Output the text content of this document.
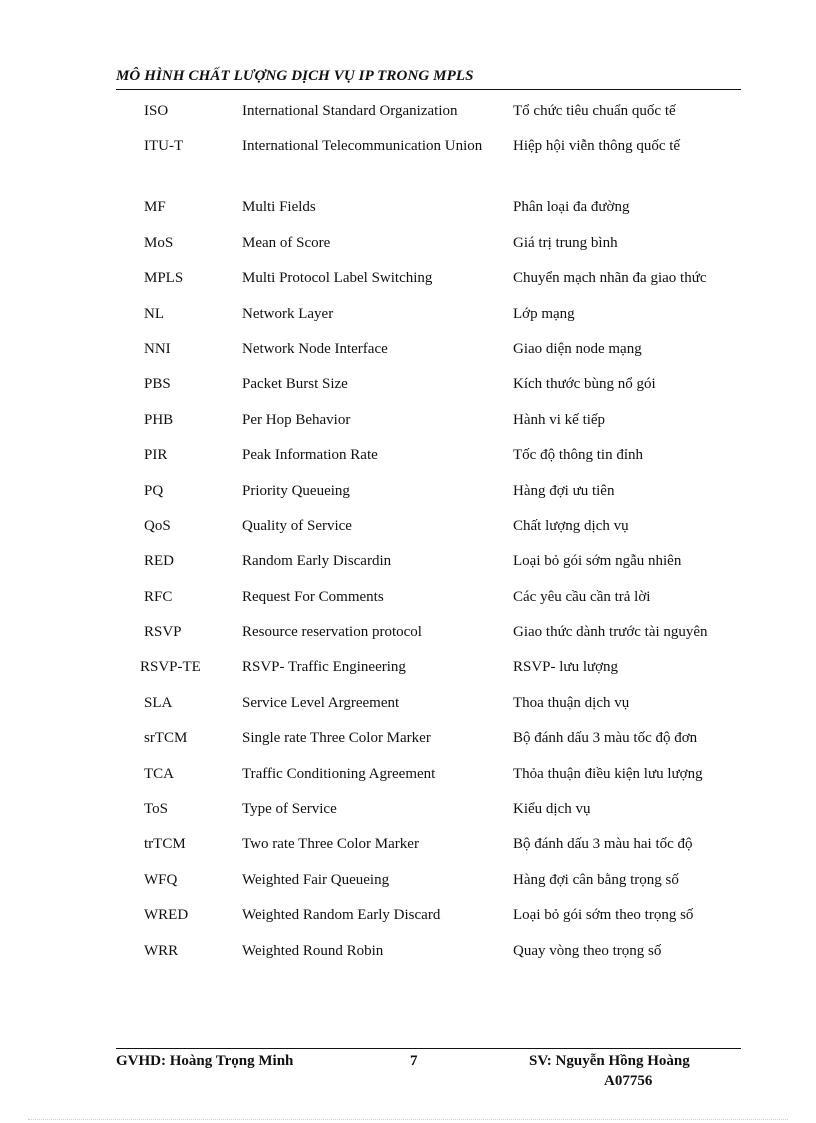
MÔ HÌNH CHẤT LƯỢNG DỊCH VỤ IP TRONG MPLS
ISO	International Standard Organization	Tổ chức tiêu chuẩn quốc tế
ITU-T	International Telecommunication Union	Hiệp hội viễn thông quốc tế
MF	Multi Fields	Phân loại đa đường
MoS	Mean of Score	Giá trị trung bình
MPLS	Multi Protocol Label Switching	Chuyển mạch nhãn đa giao thức
NL	Network Layer	Lớp mạng
NNI	Network Node Interface	Giao diện node mạng
PBS	Packet Burst Size	Kích thước bùng nổ gói
PHB	Per Hop Behavior	Hành vi kế tiếp
PIR	Peak Information Rate	Tốc độ thông tin đỉnh
PQ	Priority Queueing	Hàng đợi ưu tiên
QoS	Quality of Service	Chất lượng dịch vụ
RED	Random Early Discardin	Loại bỏ gói sớm ngẫu nhiên
RFC	Request For Comments	Các yêu cầu cần trả lời
RSVP	Resource reservation protocol	Giao thức dành trước tài nguyên
RSVP-TE	RSVP- Traffic Engineering	RSVP- lưu lượng
SLA	Service Level Argreement	Thoa thuận dịch vụ
srTCM	Single rate Three Color Marker	Bộ đánh dấu 3 màu tốc độ đơn
TCA	Traffic Conditioning Agreement	Thỏa thuận điều kiện lưu lượng
ToS	Type of Service	Kiểu dịch vụ
trTCM	Two rate Three Color Marker	Bộ đánh dấu 3 màu hai tốc độ
WFQ	Weighted Fair Queueing	Hàng đợi cân bằng trọng số
WRED	Weighted Random Early Discard	Loại bỏ gói sớm theo trọng số
WRR	Weighted Round Robin	Quay vòng theo trọng số
GVHD: Hoàng Trọng Minh	7	SV: Nguyễn Hồng Hoàng
A07756
